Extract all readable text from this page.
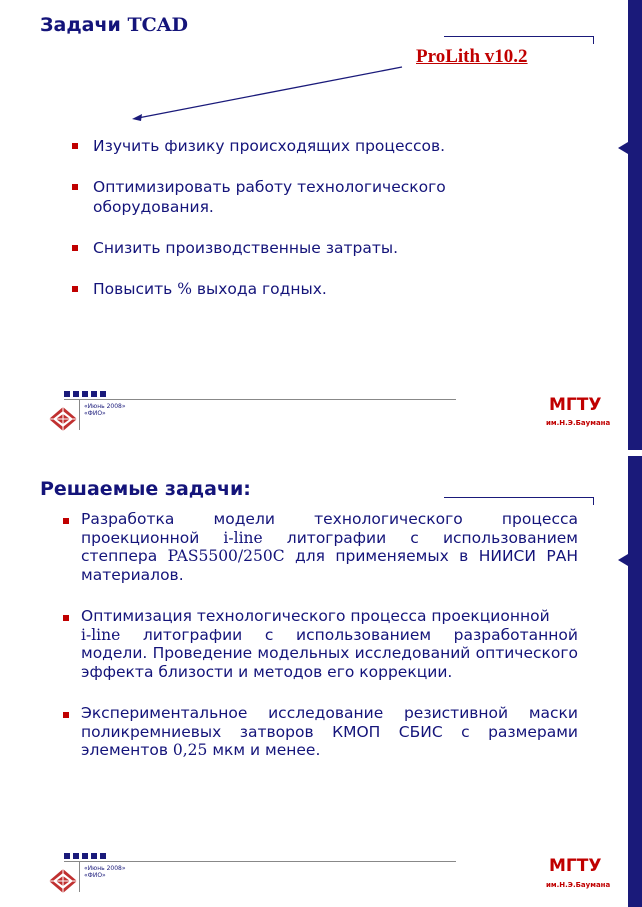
Задачи TCAD
ProLith v10.2
Изучить физику происходящих процессов.
Оптимизировать работу технологического оборудования.
Снизить производственные затраты.
Повысить % выхода годных.
«Июнь 2008»
«ФИО»	МГТУ
им.Н.Э.Баумана
Решаемые задачи:
Разработка модели технологического процесса проекционной i-line литографии с использованием степпера PAS5500/250C для применяемых в НИИСИ РАН материалов.
Оптимизация технологического процесса проекционной
i-line литографии с использованием разработанной модели. Проведение модельных исследований оптического эффекта близости и методов его коррекции.
Экспериментальное исследование резистивной маски поликремниевых затворов КМОП СБИС с размерами элементов 0,25 мкм и менее.
«Июнь 2008»
«ФИО»	МГТУ
им.Н.Э.Баумана
